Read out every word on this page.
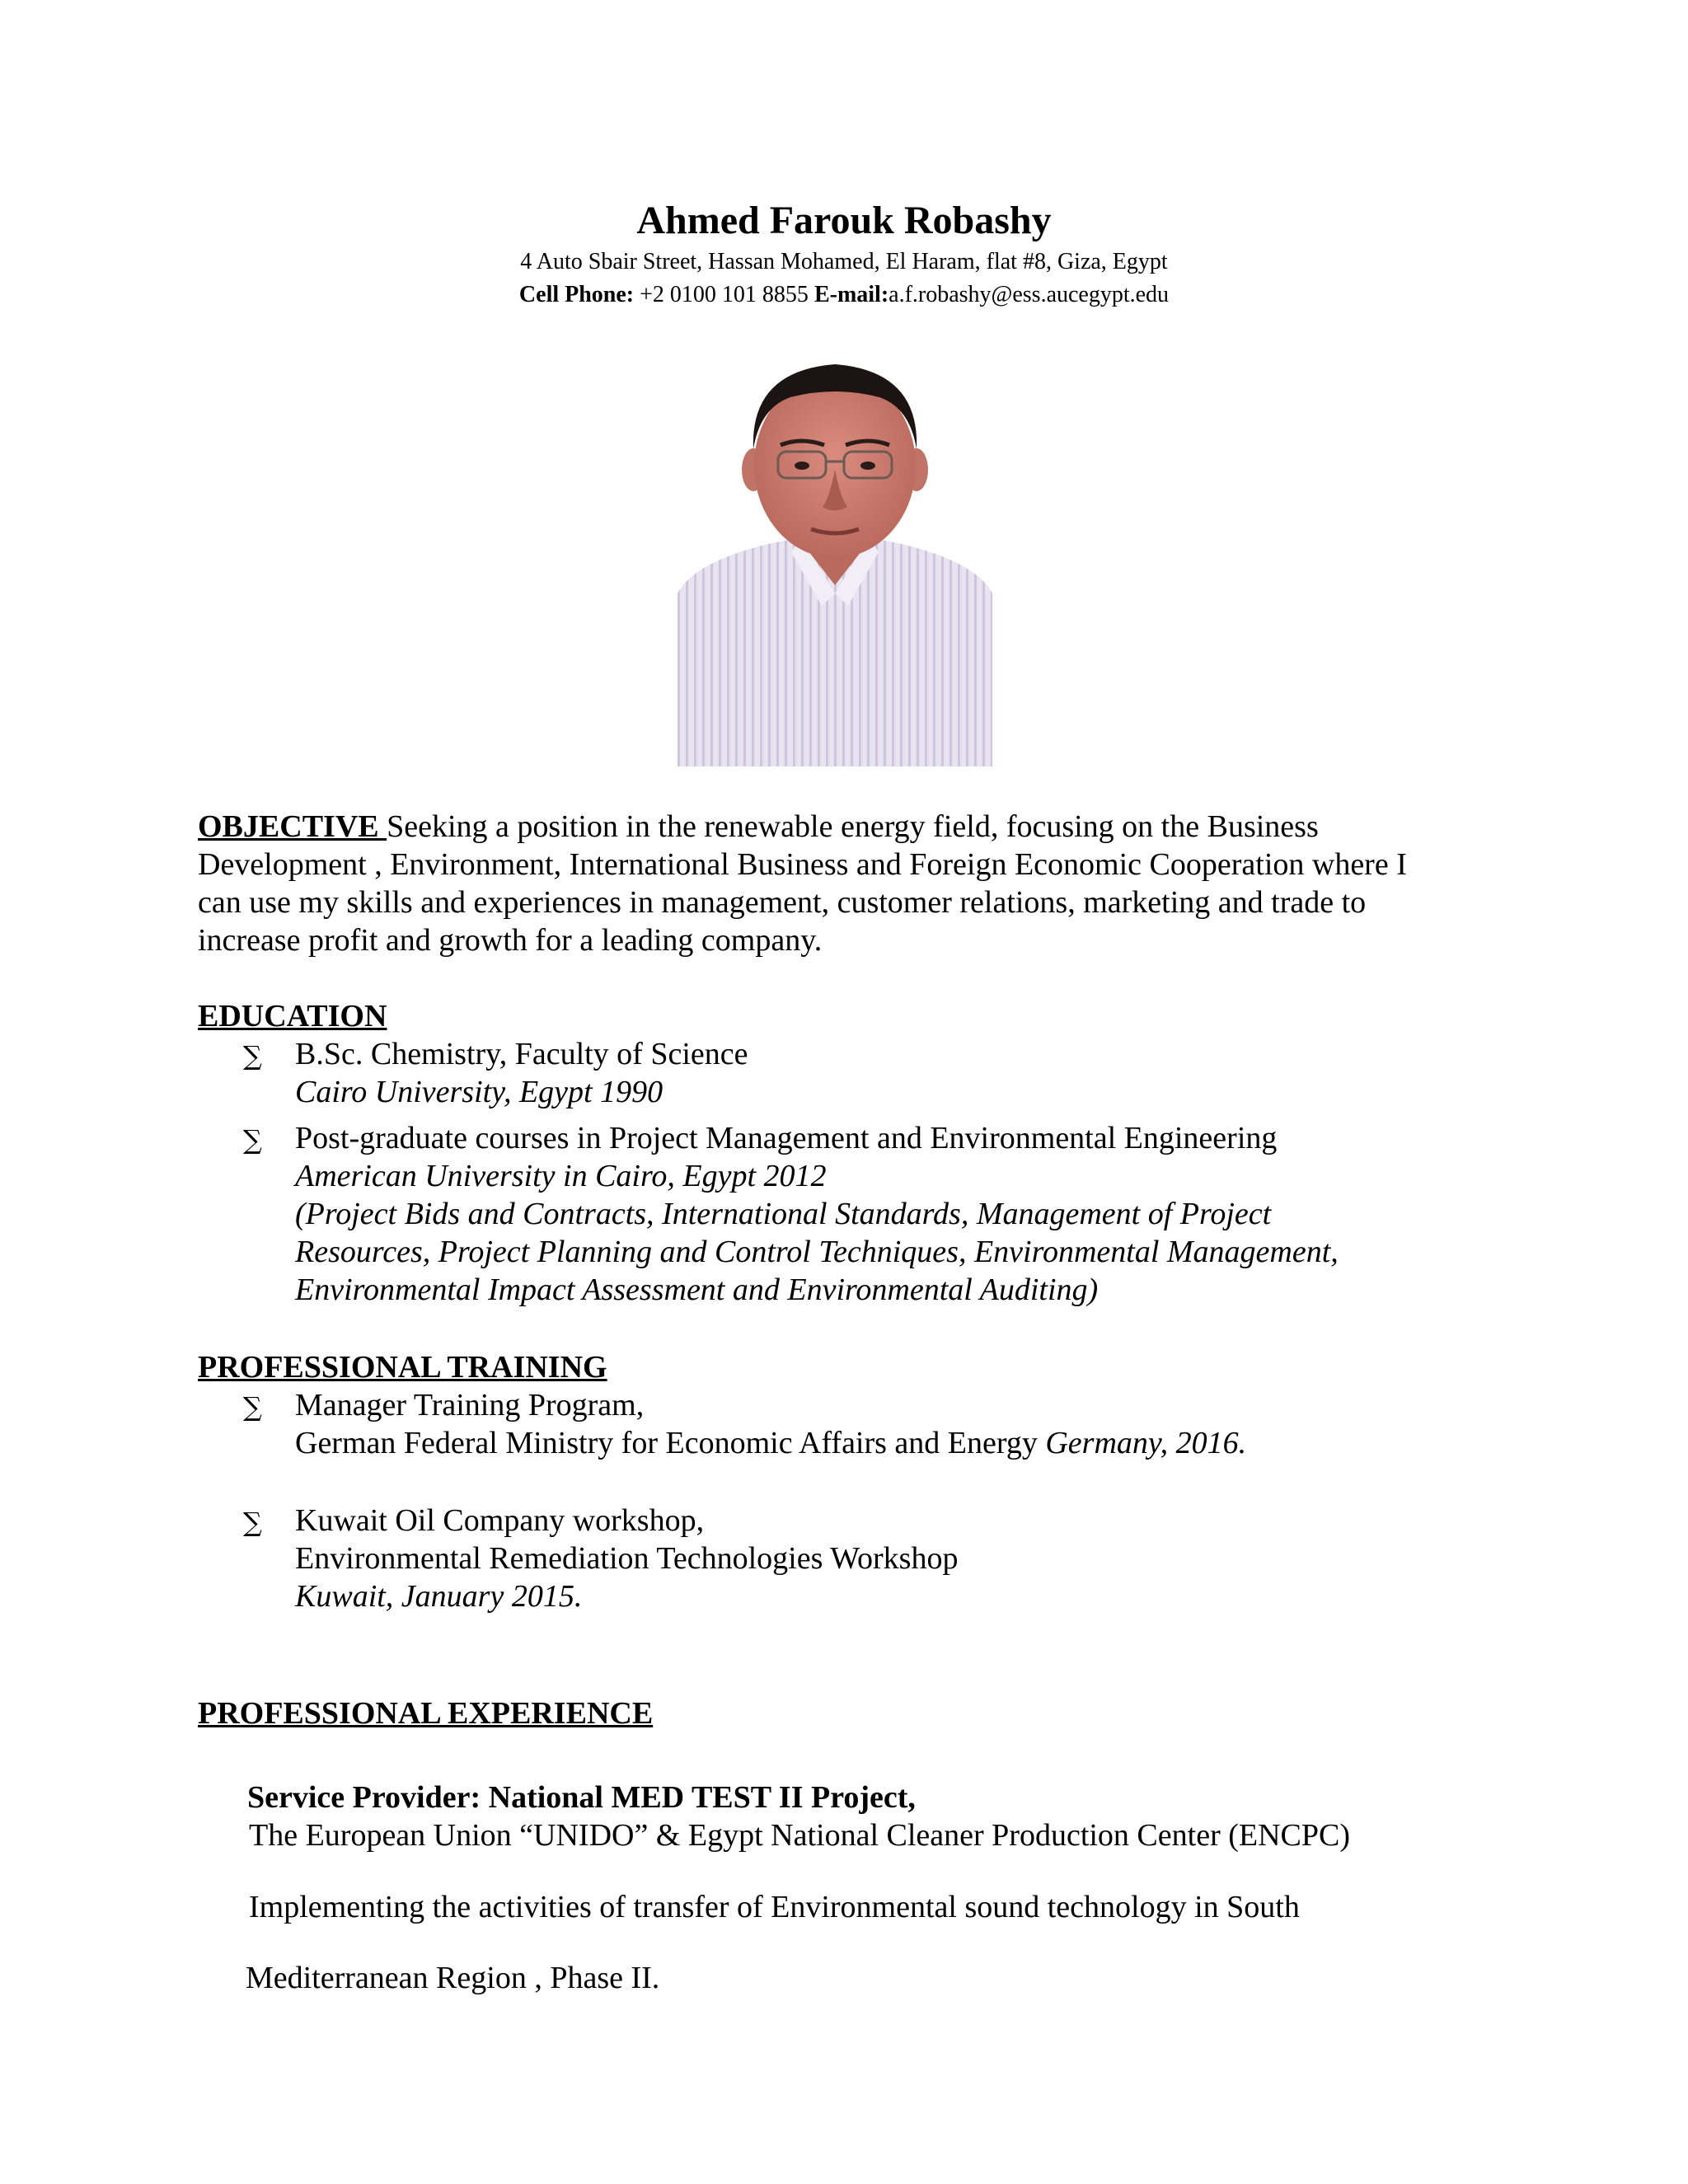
Ahmed Farouk Robashy

4 Auto Sbair Street, Hassan Mohamed, El Haram, flat #8, Giza, Egypt

Cell Phone: +2 0100 101 8855 E-mail:a.f.robashy@ess.aucegypt.edu

OBJECTIVE Seeking a position in the renewable energy field, focusing on the Business
Development , Environment, International Business and Foreign Economic Cooperation where I
can use my skills and experiences in management, customer relations, marketing and trade to
increase profit and growth for a leading company.
EDUCATION
∑ B.Sc. Chemistry, Faculty of Science
Cairo University, Egypt 1990
∑ Post-graduate courses in Project Management and Environmental Engineering
American University in Cairo, Egypt 2012
(Project Bids and Contracts, International Standards, Management of Project
Resources, Project Planning and Control Techniques, Environmental Management,
Environmental Impact Assessment and Environmental Auditing)
PROFESSIONAL TRAINING
∑ Manager Training Program,
German Federal Ministry for Economic Affairs and Energy Germany, 2016.
∑ Kuwait Oil Company workshop,
Environmental Remediation Technologies Workshop
Kuwait, January 2015.
PROFESSIONAL EXPERIENCE
Service Provider: National MED TEST II Project,
The European Union “UNIDO” & Egypt National Cleaner Production Center (ENCPC)
Implementing the activities of transfer of Environmental sound technology in South
Mediterranean Region , Phase II.
